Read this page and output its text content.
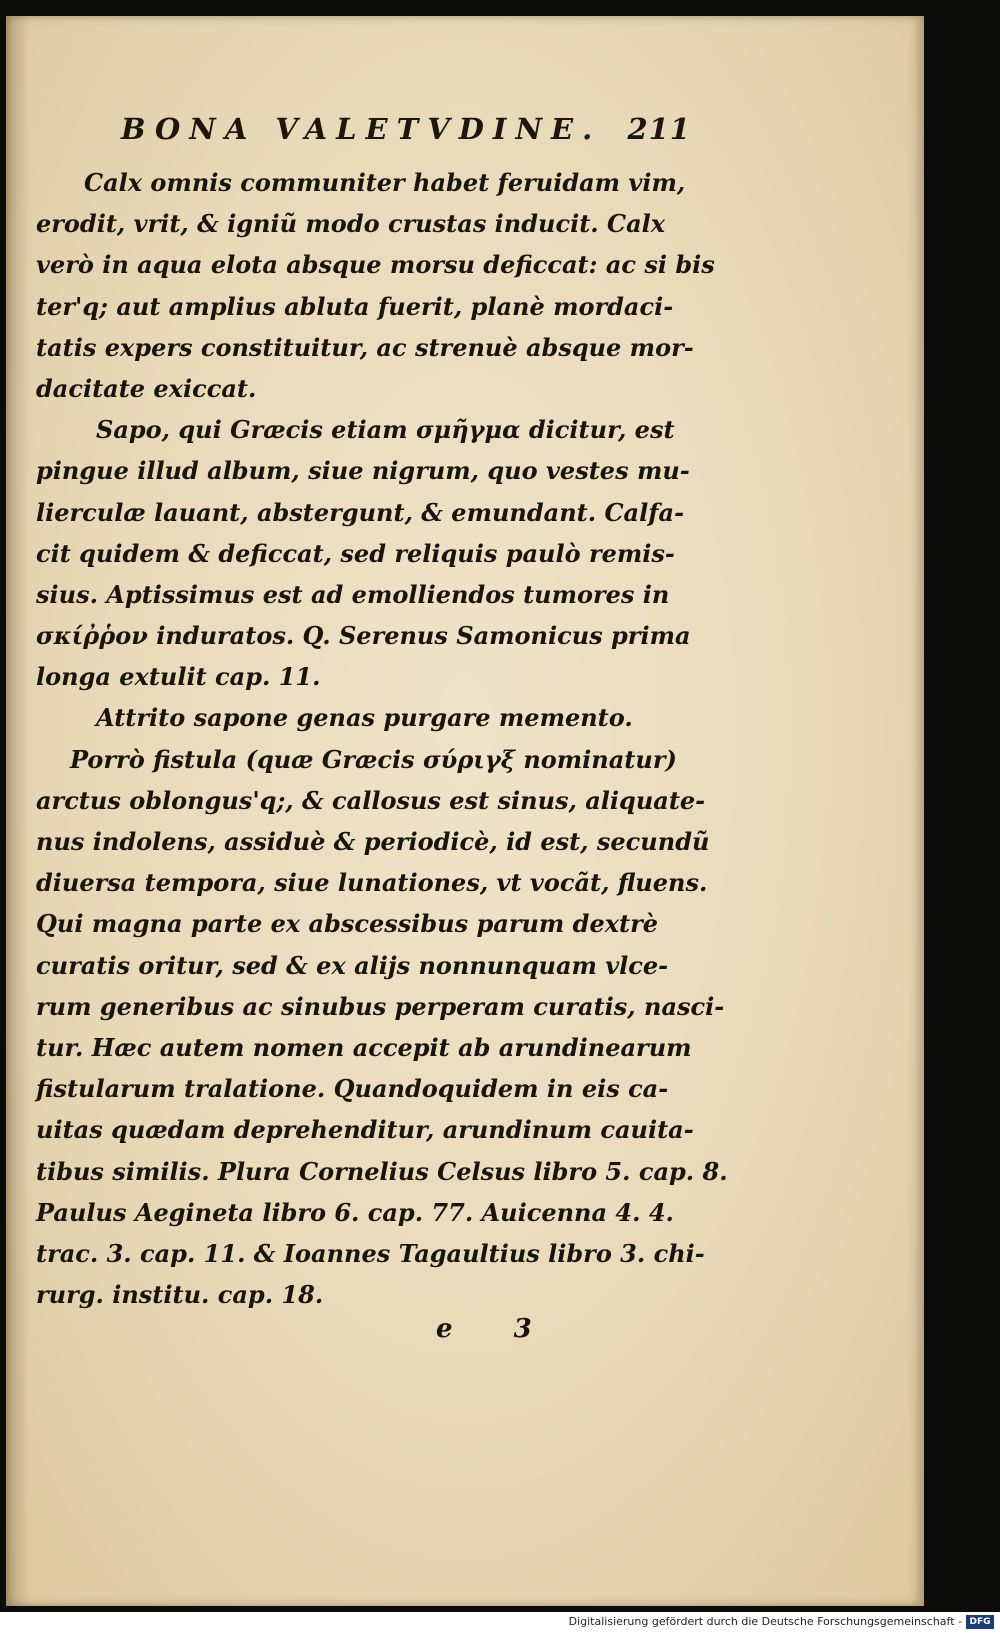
BONA VALETVDINE. 211
Calx omnis communiter habet feruidam vim,
erodit, vrit, & igniũ modo crustas inducit. Calx
verò in aqua elota absque morsu deficcat: ac si bis
ter'q; aut amplius abluta fuerit, planè mordaci-
tatis expers constituitur, ac strenuè absque mor-
dacitate exiccat.
Sapo, qui Græcis etiam σμῆγμα dicitur, est
pingue illud album, siue nigrum, quo vestes mu-
lierculæ lauant, abstergunt, & emundant. Calfa-
cit quidem & deficcat, sed reliquis paulò remis-
sius. Aptissimus est ad emolliendos tumores in
σκίῤῥον induratos. Q. Serenus Samonicus prima
longa extulit cap. 11.
Attrito sapone genas purgare memento.
Porrò fistula (quæ Græcis σύριγξ nominatur)
arctus oblongus'q;, & callosus est sinus, aliquate-
nus indolens, assiduè & periodicè, id est, secundũ
diuersa tempora, siue lunationes, vt vocãt, fluens.
Qui magna parte ex abscessibus parum dextrè
curatis oritur, sed & ex alijs nonnunquam vlce-
rum generibus ac sinubus perperam curatis, nasci-
tur. Hæc autem nomen accepit ab arundinearum
fistularum tralatione. Quandoquidem in eis ca-
uitas quædam deprehenditur, arundinum cauita-
tibus similis. Plura Cornelius Celsus libro 5. cap. 8.
Paulus Aegineta libro 6. cap. 77. Auicenna 4. 4.
trac. 3. cap. 11. & Ioannes Tagaultius libro 3. chi-
rurg. institu. cap. 18.
e 3
Digitalisierung gefördert durch die Deutsche Forschungsgemeinschaft - DFG
